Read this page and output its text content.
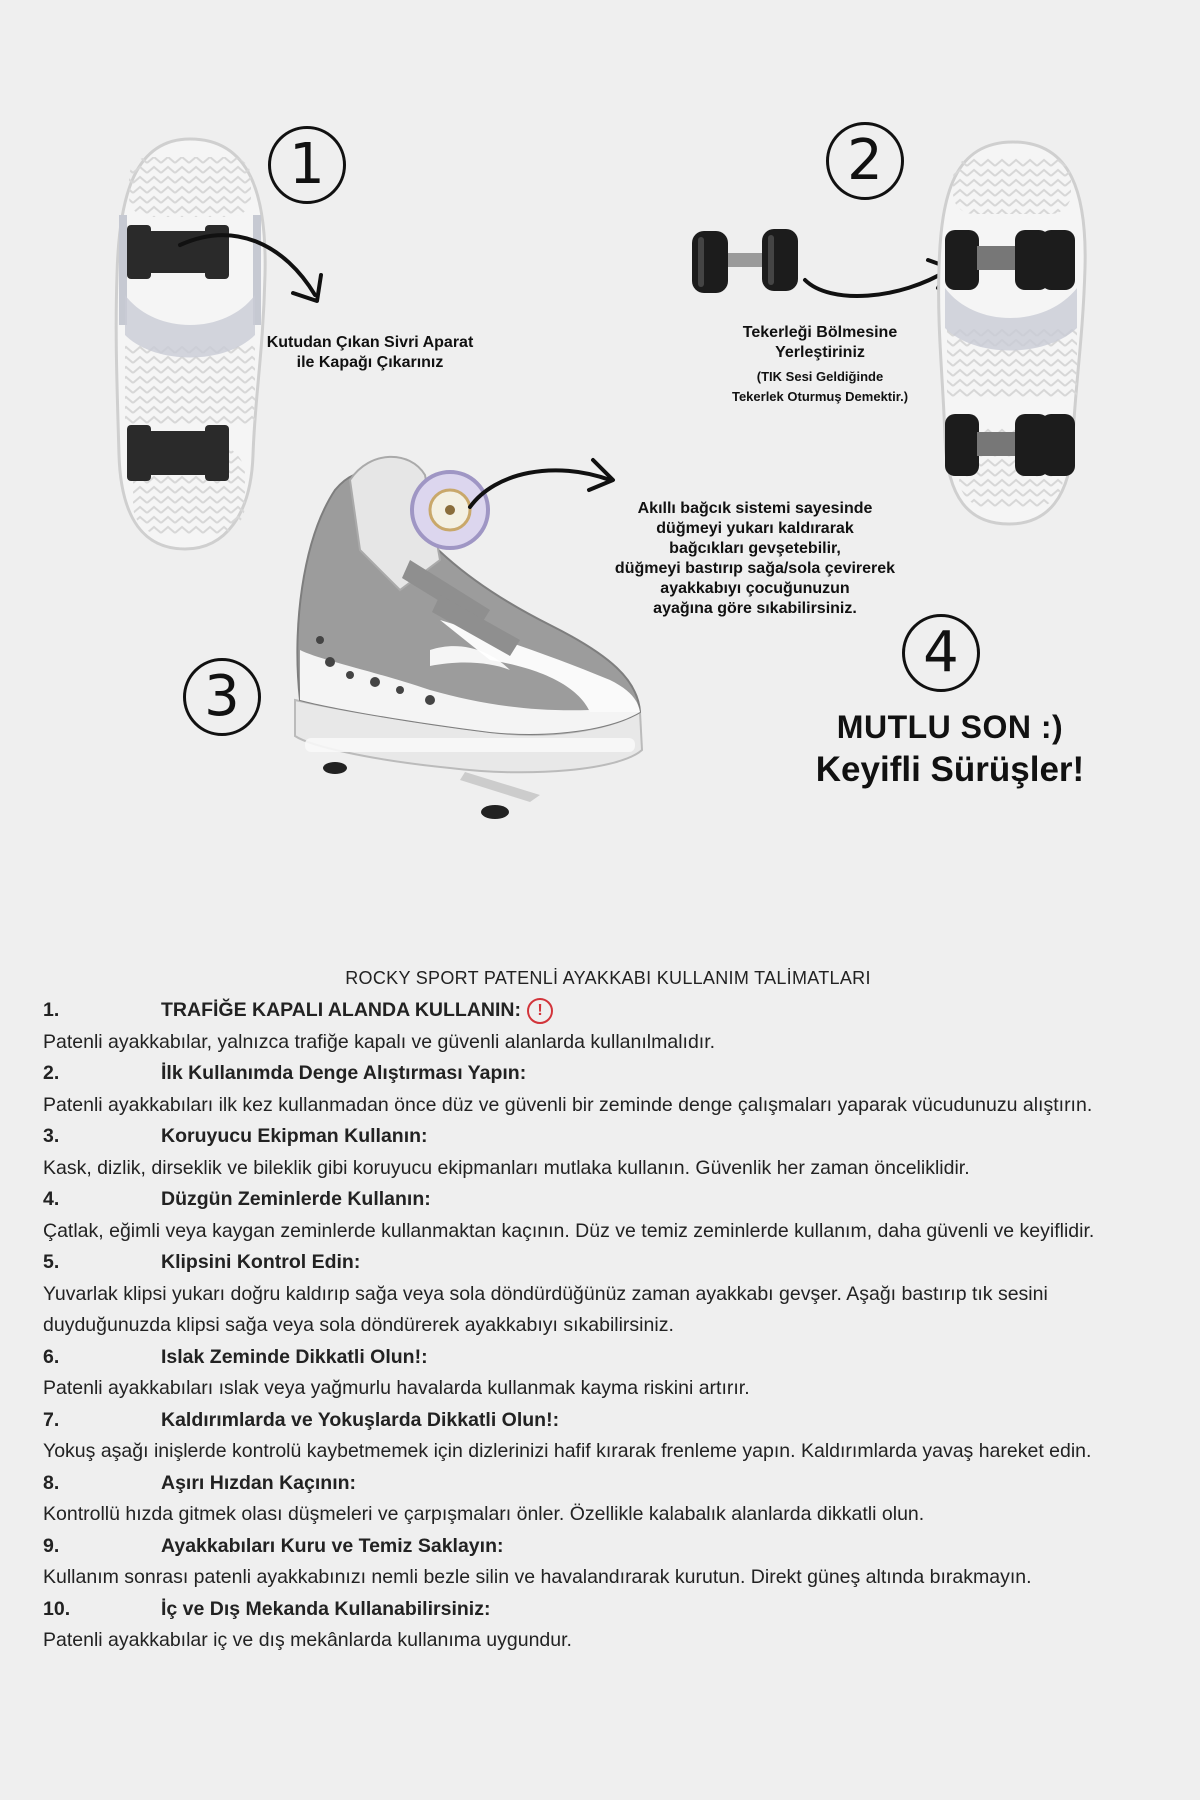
1
Kutudan Çıkan Sivri Aparat
ile Kapağı Çıkarınız
2
Tekerleği Bölmesine
Yerleştiriniz
(TIK Sesi Geldiğinde
Tekerlek Oturmuş Demektir.)
3
Akıllı bağcık sistemi sayesinde
düğmeyi yukarı kaldırarak
bağcıkları gevşetebilir,
düğmeyi bastırıp sağa/sola çevirerek
ayakkabıyı çocuğunuzun
ayağına göre sıkabilirsiniz.
4
MUTLU SON :)
Keyifli Sürüşler!
ROCKY SPORT PATENLİ AYAKKABI KULLANIM TALİMATLARI
1.	TRAFİĞE KAPALI ALANDA KULLANIN:	!
Patenli ayakkabılar, yalnızca trafiğe kapalı ve güvenli alanlarda kullanılmalıdır.
2.	İlk Kullanımda Denge Alıştırması Yapın:
Patenli ayakkabıları ilk kez kullanmadan önce düz ve güvenli bir zeminde denge çalışmaları yaparak vücudunuzu alıştırın.
3.	Koruyucu Ekipman Kullanın:
Kask, dizlik, dirseklik ve bileklik gibi koruyucu ekipmanları mutlaka kullanın. Güvenlik her zaman önceliklidir.
4.	Düzgün Zeminlerde Kullanın:
Çatlak, eğimli veya kaygan zeminlerde kullanmaktan kaçının. Düz ve temiz zeminlerde kullanım, daha güvenli ve keyiflidir.
5.	Klipsini Kontrol Edin:
Yuvarlak klipsi yukarı doğru kaldırıp sağa veya sola döndürdüğünüz zaman ayakkabı gevşer. Aşağı bastırıp tık sesini duyduğunuzda klipsi sağa veya sola döndürerek ayakkabıyı sıkabilirsiniz.
6.	Islak Zeminde Dikkatli Olun!:
Patenli ayakkabıları ıslak veya yağmurlu havalarda kullanmak kayma riskini artırır.
7.	Kaldırımlarda ve Yokuşlarda Dikkatli Olun!:
Yokuş aşağı inişlerde kontrolü kaybetmemek için dizlerinizi hafif kırarak frenleme yapın. Kaldırımlarda yavaş hareket edin.
8.	Aşırı Hızdan Kaçının:
Kontrollü hızda gitmek olası düşmeleri ve çarpışmaları önler. Özellikle kalabalık alanlarda dikkatli olun.
9.	Ayakkabıları Kuru ve Temiz Saklayın:
Kullanım sonrası patenli ayakkabınızı nemli bezle silin ve havalandırarak kurutun. Direkt güneş altında bırakmayın.
10.	İç ve Dış Mekanda Kullanabilirsiniz:
Patenli ayakkabılar iç ve dış mekânlarda kullanıma uygundur.
